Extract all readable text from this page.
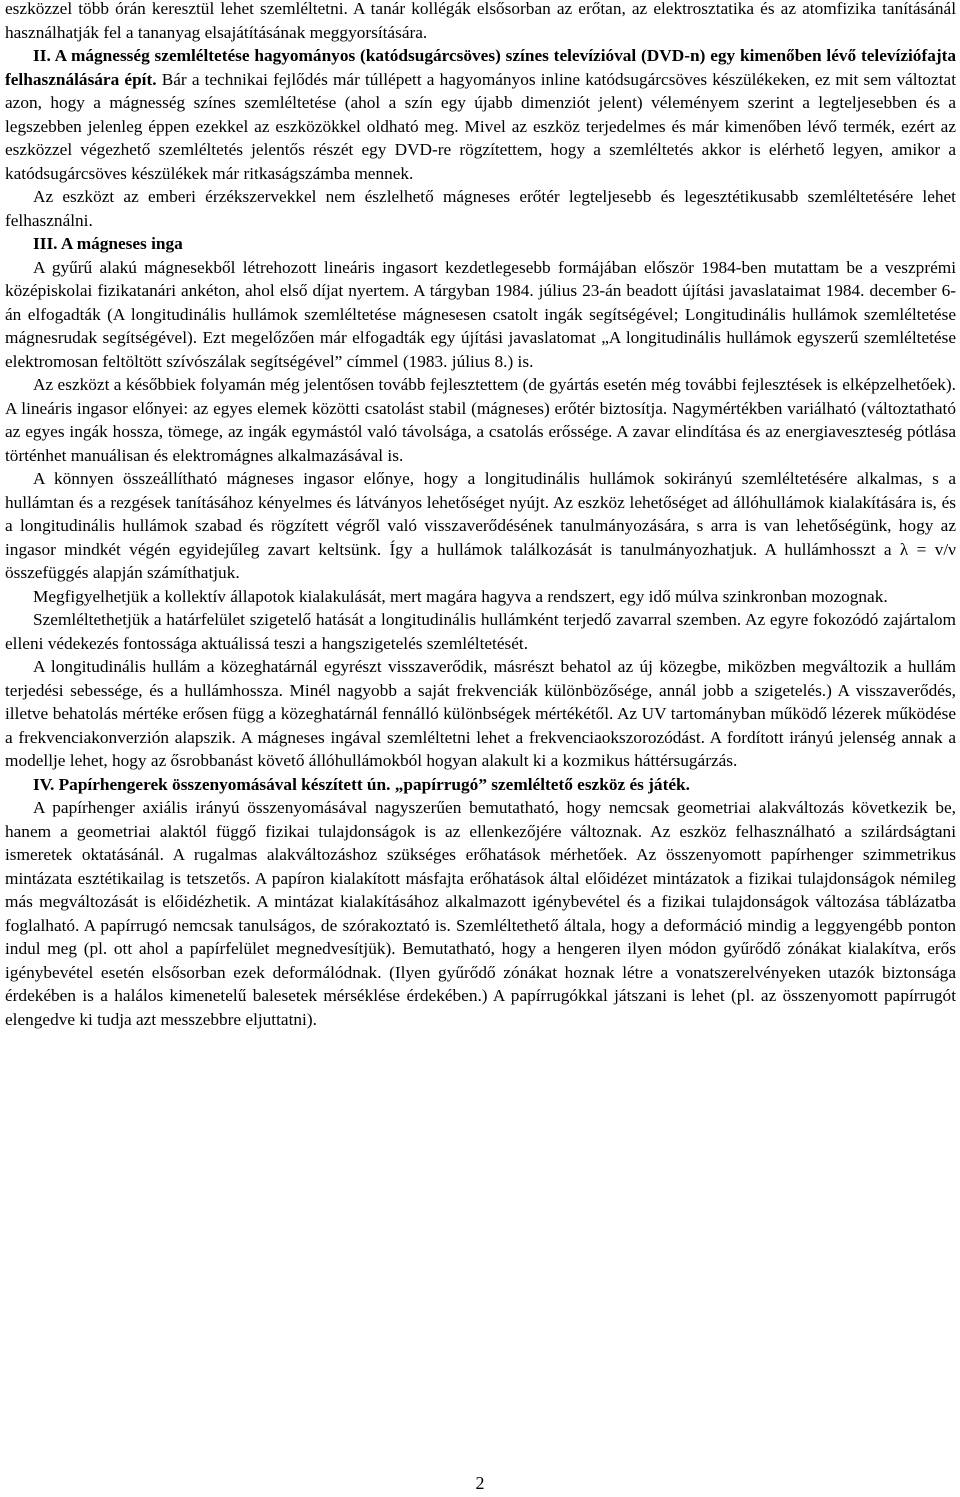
eszközzel több órán keresztül lehet szemléltetni. A tanár kollégák elsősorban az erőtan, az elektrosztatika és az atomfizika tanításánál használhatják fel a tananyag elsajátításának meggyorsítására.

II. A mágnesség szemléltetése hagyományos (katódsugárcsöves) színes televízióval (DVD-n) egy kimenőben lévő televíziófajta felhasználására épít. Bár a technikai fejlődés már túllépett a hagyományos inline katódsugárcsöves készülékeken, ez mit sem változtat azon, hogy a mágnesség színes szemléltetése (ahol a szín egy újabb dimenziót jelent) véleményem szerint a legteljesebben és a legszebben jelenleg éppen ezekkel az eszközökkel oldható meg. Mivel az eszköz terjedelmes és már kimenőben lévő termék, ezért az eszközzel végezhető szemléltetés jelentős részét egy DVD-re rögzítettem, hogy a szemléltetés akkor is elérhető legyen, amikor a katódsugárcsöves készülékek már ritkaságszámba mennek.

Az eszközt az emberi érzékszervekkel nem észlelhető mágneses erőtér legteljesebb és legesztétikusabb szemléltetésére lehet felhasználni.

III. A mágneses inga

A gyűrű alakú mágnesekből létrehozott lineáris ingasort kezdetlegesebb formájában először 1984-ben mutattam be a veszprémi középiskolai fizikatanári ankéton, ahol első díjat nyertem. A tárgyban 1984. július 23-án beadott újítási javaslataimat 1984. december 6-án elfogadták (A longitudinális hullámok szemléltetése mágnesesen csatolt ingák segítségével; Longitudinális hullámok szemléltetése mágnesrudak segítségével). Ezt megelőzően már elfogadták egy újítási javaslatomat „A longitudinális hullámok egyszerű szemléltetése elektromosan feltöltött szívószálak segítségével” címmel (1983. július 8.) is.

Az eszközt a későbbiek folyamán még jelentősen tovább fejlesztettem (de gyártás esetén még további fejlesztések is elképzelhetőek). A lineáris ingasor előnyei: az egyes elemek közötti csatolást stabil (mágneses) erőtér biztosítja. Nagymértékben variálható (változtatható az egyes ingák hossza, tömege, az ingák egymástól való távolsága, a csatolás erőssége. A zavar elindítása és az energiaveszteség pótlása történhet manuálisan és elektromágnes alkalmazásával is.

A könnyen összeállítható mágneses ingasor előnye, hogy a longitudinális hullámok sokirányú szemléltetésére alkalmas, s a hullámtan és a rezgések tanításához kényelmes és látványos lehetőséget nyújt. Az eszköz lehetőséget ad állóhullámok kialakítására is, és a longitudinális hullámok szabad és rögzített végről való visszaverődésének tanulmányozására, s arra is van lehetőségünk, hogy az ingasor mindkét végén egyidejűleg zavart keltsünk. Így a hullámok találkozását is tanulmányozhatjuk. A hullámhosszt a λ = v/ν összefüggés alapján számíthatjuk.

Megfigyelhetjük a kollektív állapotok kialakulását, mert magára hagyva a rendszert, egy idő múlva szinkronban mozognak.

Szemléltethetjük a határfelület szigetelő hatását a longitudinális hullámként terjedő zavarral szemben. Az egyre fokozódó zajártalom elleni védekezés fontossága aktuálissá teszi a hangszigetelés szemléltetését.

A longitudinális hullám a közeghatárnál egyrészt visszaverődik, másrészt behatol az új közegbe, miközben megváltozik a hullám terjedési sebessége, és a hullámhossza. Minél nagyobb a saját frekvenciák különbözősége, annál jobb a szigetelés.) A visszaverődés, illetve behatolás mértéke erősen függ a közeghatárnál fennálló különbségek mértékétől. Az UV tartományban működő lézerek működése a frekvenciakonverzión alapszik. A mágneses ingával szemléltetni lehet a frekvenciaokszorozódást. A fordított irányú jelenség annak a modellje lehet, hogy az ősrobbanást követő állóhullámokból hogyan alakult ki a kozmikus háttérsugárzás.

IV. Papírhengerek összenyomásával készített ún. „papírrugó” szemléltető eszköz és játék.

A papírhenger axiális irányú összenyomásával nagyszerűen bemutatható, hogy nemcsak geometriai alakváltozás következik be, hanem a geometriai alaktól függő fizikai tulajdonságok is az ellenkezőjére változnak. Az eszköz felhasználható a szilárdságtani ismeretek oktatásánál. A rugalmas alakváltozáshoz szükséges erőhatások mérhetőek. Az összenyomott papírhenger szimmetrikus mintázata esztétikailag is tetszetős. A papíron kialakított másfajta erőhatások által előidézet mintázatok a fizikai tulajdonságok némileg más megváltozását is előidézhetik. A mintázat kialakításához alkalmazott igénybevétel és a fizikai tulajdonságok változása táblázatba foglalható. A papírrugó nemcsak tanulságos, de szórakoztató is. Szemléltethető általa, hogy a deformáció mindig a leggyengébb ponton indul meg (pl. ott ahol a papírfelület megnedvesítjük). Bemutatható, hogy a hengeren ilyen módon gyűrődő zónákat kialakítva, erős igénybevétel esetén elsősorban ezek deformálódnak. (Ilyen gyűrődő zónákat hoznak létre a vonatszerelvényeken utazók biztonsága érdekében is a halálos kimenetelű balesetek mérséklése érdekében.) A papírrugókkal játszani is lehet (pl. az összenyomott papírrugót elengedve ki tudja azt messzebbre eljuttatni).

2
